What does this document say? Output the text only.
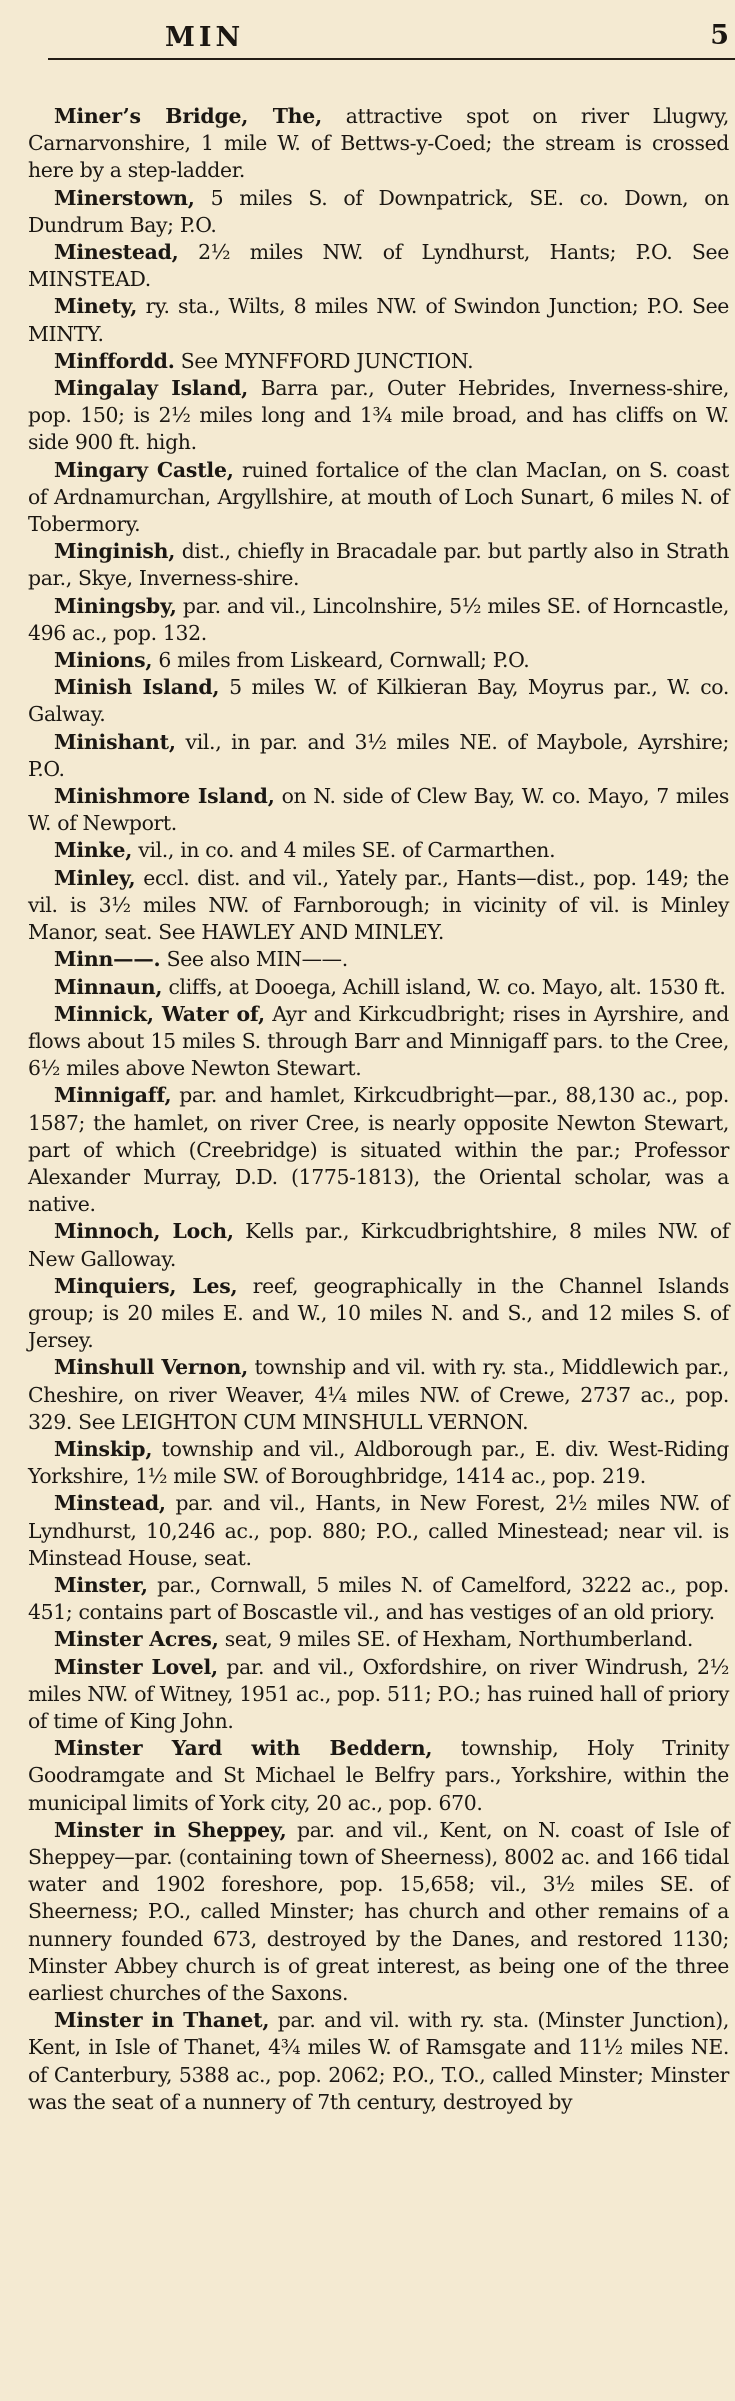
MIN	5

Miner’s Bridge, The, attractive spot on river Llugwy, Carnarvonshire, 1 mile W. of Bettws-y-Coed; the stream is crossed here by a step-ladder.

Minerstown, 5 miles S. of Downpatrick, SE. co. Down, on Dundrum Bay; P.O.

Minestead, 2½ miles NW. of Lyndhurst, Hants; P.O. See MINSTEAD.

Minety, ry. sta., Wilts, 8 miles NW. of Swindon Junction; P.O. See MINTY.

Minffordd. See MYNFFORD JUNCTION.

Mingalay Island, Barra par., Outer Hebrides, Inverness-shire, pop. 150; is 2½ miles long and 1¾ mile broad, and has cliffs on W. side 900 ft. high.

Mingary Castle, ruined fortalice of the clan MacIan, on S. coast of Ardnamurchan, Argyllshire, at mouth of Loch Sunart, 6 miles N. of Tobermory.

Minginish, dist., chiefly in Bracadale par. but partly also in Strath par., Skye, Inverness-shire.

Miningsby, par. and vil., Lincolnshire, 5½ miles SE. of Horncastle, 496 ac., pop. 132.

Minions, 6 miles from Liskeard, Cornwall; P.O.

Minish Island, 5 miles W. of Kilkieran Bay, Moyrus par., W. co. Galway.

Minishant, vil., in par. and 3½ miles NE. of Maybole, Ayrshire; P.O.

Minishmore Island, on N. side of Clew Bay, W. co. Mayo, 7 miles W. of Newport.

Minke, vil., in co. and 4 miles SE. of Carmarthen.

Minley, eccl. dist. and vil., Yately par., Hants—dist., pop. 149; the vil. is 3½ miles NW. of Farnborough; in vicinity of vil. is Minley Manor, seat. See HAWLEY AND MINLEY.

Minn——. See also MIN——.

Minnaun, cliffs, at Dooega, Achill island, W. co. Mayo, alt. 1530 ft.

Minnick, Water of, Ayr and Kirkcudbright; rises in Ayrshire, and flows about 15 miles S. through Barr and Minnigaff pars. to the Cree, 6½ miles above Newton Stewart.

Minnigaff, par. and hamlet, Kirkcudbright—par., 88,130 ac., pop. 1587; the hamlet, on river Cree, is nearly opposite Newton Stewart, part of which (Creebridge) is situated within the par.; Professor Alexander Murray, D.D. (1775-1813), the Oriental scholar, was a native.

Minnoch, Loch, Kells par., Kirkcudbrightshire, 8 miles NW. of New Galloway.

Minquiers, Les, reef, geographically in the Channel Islands group; is 20 miles E. and W., 10 miles N. and S., and 12 miles S. of Jersey.

Minshull Vernon, township and vil. with ry. sta., Middlewich par., Cheshire, on river Weaver, 4¼ miles NW. of Crewe, 2737 ac., pop. 329. See LEIGHTON CUM MINSHULL VERNON.

Minskip, township and vil., Aldborough par., E. div. West-Riding Yorkshire, 1½ mile SW. of Boroughbridge, 1414 ac., pop. 219.

Minstead, par. and vil., Hants, in New Forest, 2½ miles NW. of Lyndhurst, 10,246 ac., pop. 880; P.O., called Minestead; near vil. is Minstead House, seat.

Minster, par., Cornwall, 5 miles N. of Camelford, 3222 ac., pop. 451; contains part of Boscastle vil., and has vestiges of an old priory.

Minster Acres, seat, 9 miles SE. of Hexham, Northumberland.

Minster Lovel, par. and vil., Oxfordshire, on river Windrush, 2½ miles NW. of Witney, 1951 ac., pop. 511; P.O.; has ruined hall of priory of time of King John.

Minster Yard with Beddern, township, Holy Trinity Goodramgate and St Michael le Belfry pars., Yorkshire, within the municipal limits of York city, 20 ac., pop. 670.

Minster in Sheppey, par. and vil., Kent, on N. coast of Isle of Sheppey—par. (containing town of Sheerness), 8002 ac. and 166 tidal water and 1902 foreshore, pop. 15,658; vil., 3½ miles SE. of Sheerness; P.O., called Minster; has church and other remains of a nunnery founded 673, destroyed by the Danes, and restored 1130; Minster Abbey church is of great interest, as being one of the three earliest churches of the Saxons.

Minster in Thanet, par. and vil. with ry. sta. (Minster Junction), Kent, in Isle of Thanet, 4¾ miles W. of Ramsgate and 11½ miles NE. of Canterbury, 5388 ac., pop. 2062; P.O., T.O., called Minster; Minster was the seat of a nunnery of 7th century, destroyed by
